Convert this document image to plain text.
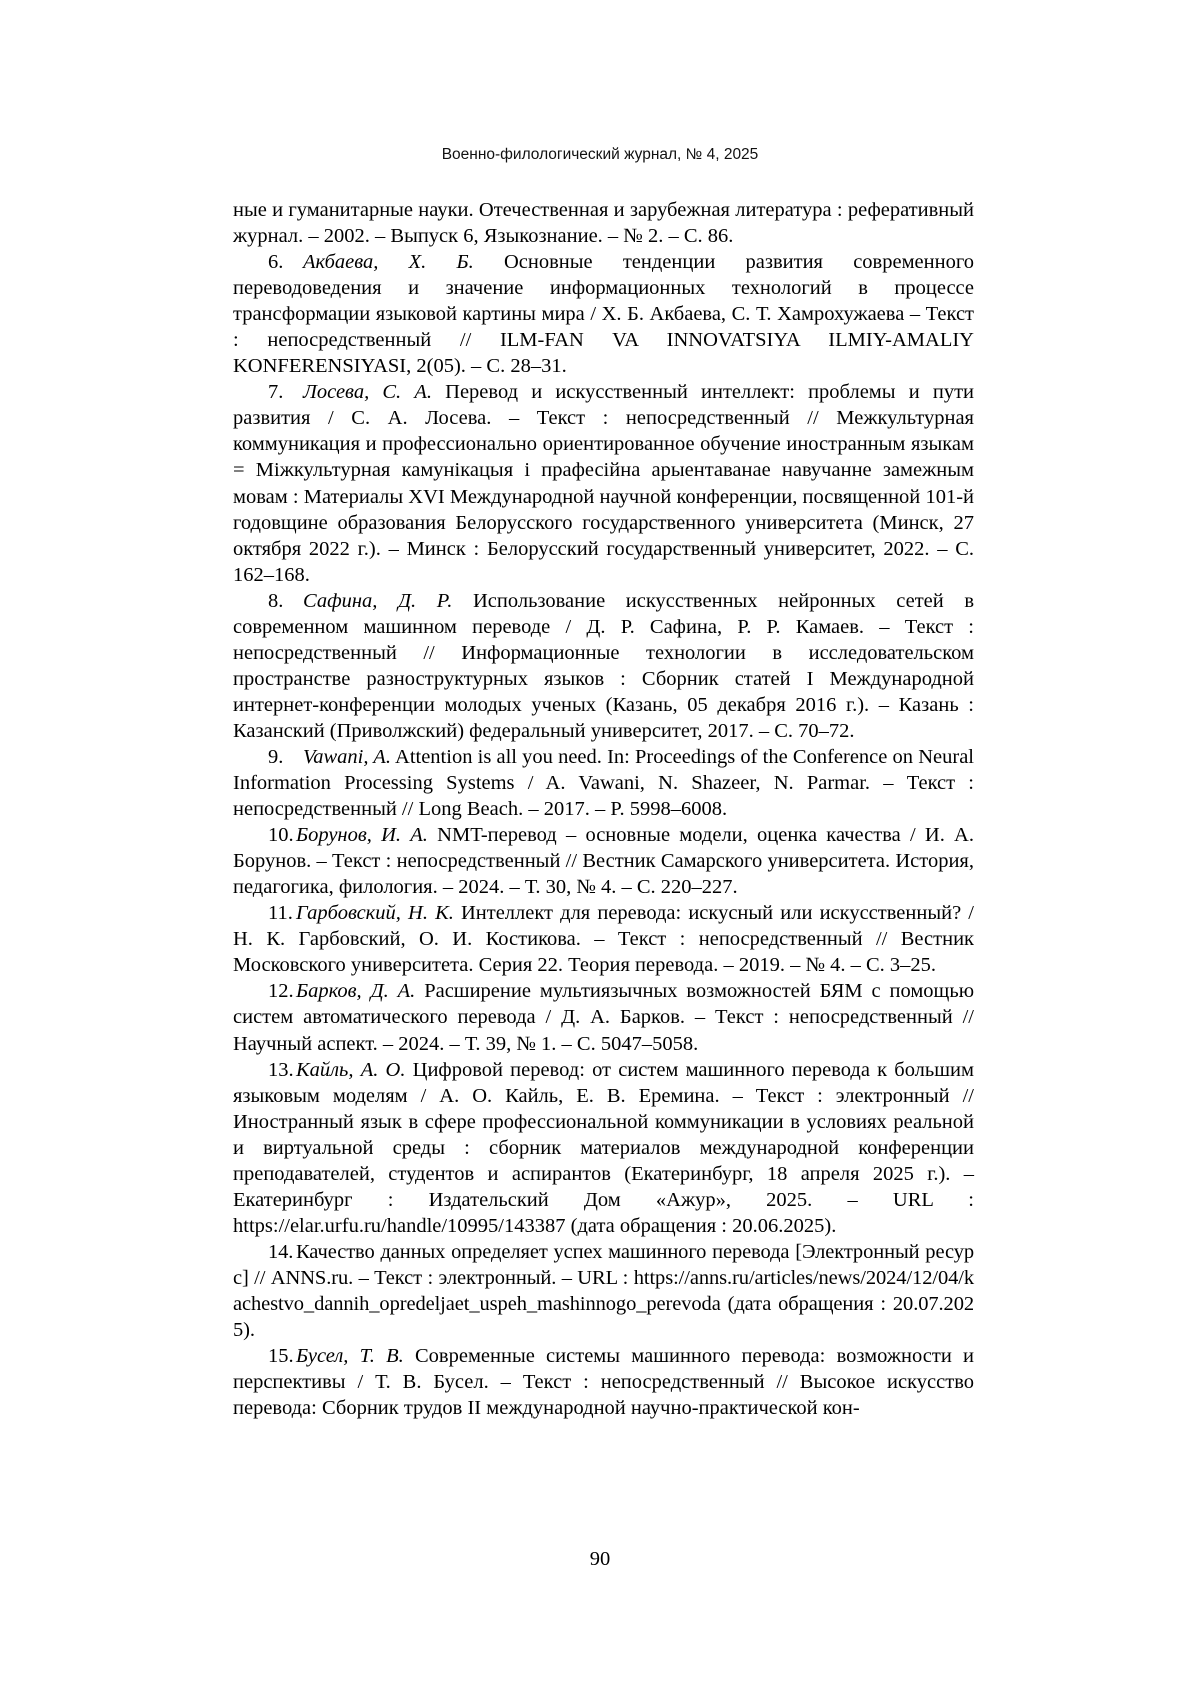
Военно-филологический журнал, № 4, 2025

ные и гуманитарные науки. Отечественная и зарубежная литература : реферативный журнал. – 2002. – Выпуск 6, Языкознание. – № 2. – С. 86.

6. Акбаева, Х. Б. Основные тенденции развития современного переводоведения и значение информационных технологий в процессе трансформации языковой картины мира / Х. Б. Акбаева, С. Т. Хамрохужаева – Текст : непосредственный // ILM-FAN VA INNOVATSIYA ILMIY-AMALIY KONFERENSIYASI, 2(05). – С. 28–31.

7. Лосева, С. А. Перевод и искусственный интеллект: проблемы и пути развития / С. А. Лосева. – Текст : непосредственный // Межкультурная коммуникация и профессионально ориентированное обучение иностранным языкам = Міжкультурная камунікацыя і прафесійна арыентаванае навучанне замежным мовам : Материалы XVI Международной научной конференции, посвященной 101-й годовщине образования Белорусского государственного университета (Минск, 27 октября 2022 г.). – Минск : Белорусский государственный университет, 2022. – С. 162–168.

8. Сафина, Д. Р. Использование искусственных нейронных сетей в современном машинном переводе / Д. Р. Сафина, Р. Р. Камаев. – Текст : непосредственный // Информационные технологии в исследовательском пространстве разноструктурных языков : Сборник статей I Международной интернет-конференции молодых ученых (Казань, 05 декабря 2016 г.). – Казань : Казанский (Приволжский) федеральный университет, 2017. – С. 70–72.

9. Vawani, A. Attention is all you need. In: Proceedings of the Conference on Neural Information Processing Systems / A. Vawani, N. Shazeer, N. Parmar. – Текст : непосредственный // Long Beach. – 2017. – P. 5998–6008.

10. Борунов, И. А. NMT-перевод – основные модели, оценка качества / И. А. Борунов. – Текст : непосредственный // Вестник Самарского университета. История, педагогика, филология. – 2024. – Т. 30, № 4. – С. 220–227.

11. Гарбовский, Н. К. Интеллект для перевода: искусный или искусственный? / Н. К. Гарбовский, О. И. Костикова. – Текст : непосредственный // Вестник Московского университета. Серия 22. Теория перевода. – 2019. – № 4. – С. 3–25.

12. Барков, Д. А. Расширение мультиязычных возможностей БЯМ с помощью систем автоматического перевода / Д. А. Барков. – Текст : непосредственный // Научный аспект. – 2024. – Т. 39, № 1. – С. 5047–5058.

13. Кайль, А. О. Цифровой перевод: от систем машинного перевода к большим языковым моделям / А. О. Кайль, Е. В. Еремина. – Текст : электронный // Иностранный язык в сфере профессиональной коммуникации в условиях реальной и виртуальной среды : сборник материалов международной конференции преподавателей, студентов и аспирантов (Екатеринбург, 18 апреля 2025 г.). – Екатеринбург : Издательский Дом «Ажур», 2025. – URL : https://elar.urfu.ru/handle/10995/143387 (дата обращения : 20.06.2025).

14. Качество данных определяет успех машинного перевода [Электронный ресурс] // ANNS.ru. – Текст : электронный. – URL : https://anns.ru/articles/news/2024/12/04/kachestvo_dannih_opredeljaet_uspeh_mashinnogo_perevoda (дата обращения : 20.07.2025).

15. Бусел, Т. В. Современные системы машинного перевода: возможности и перспективы / Т. В. Бусел. – Текст : непосредственный // Высокое искусство перевода: Сборник трудов II международной научно-практической кон-

90
